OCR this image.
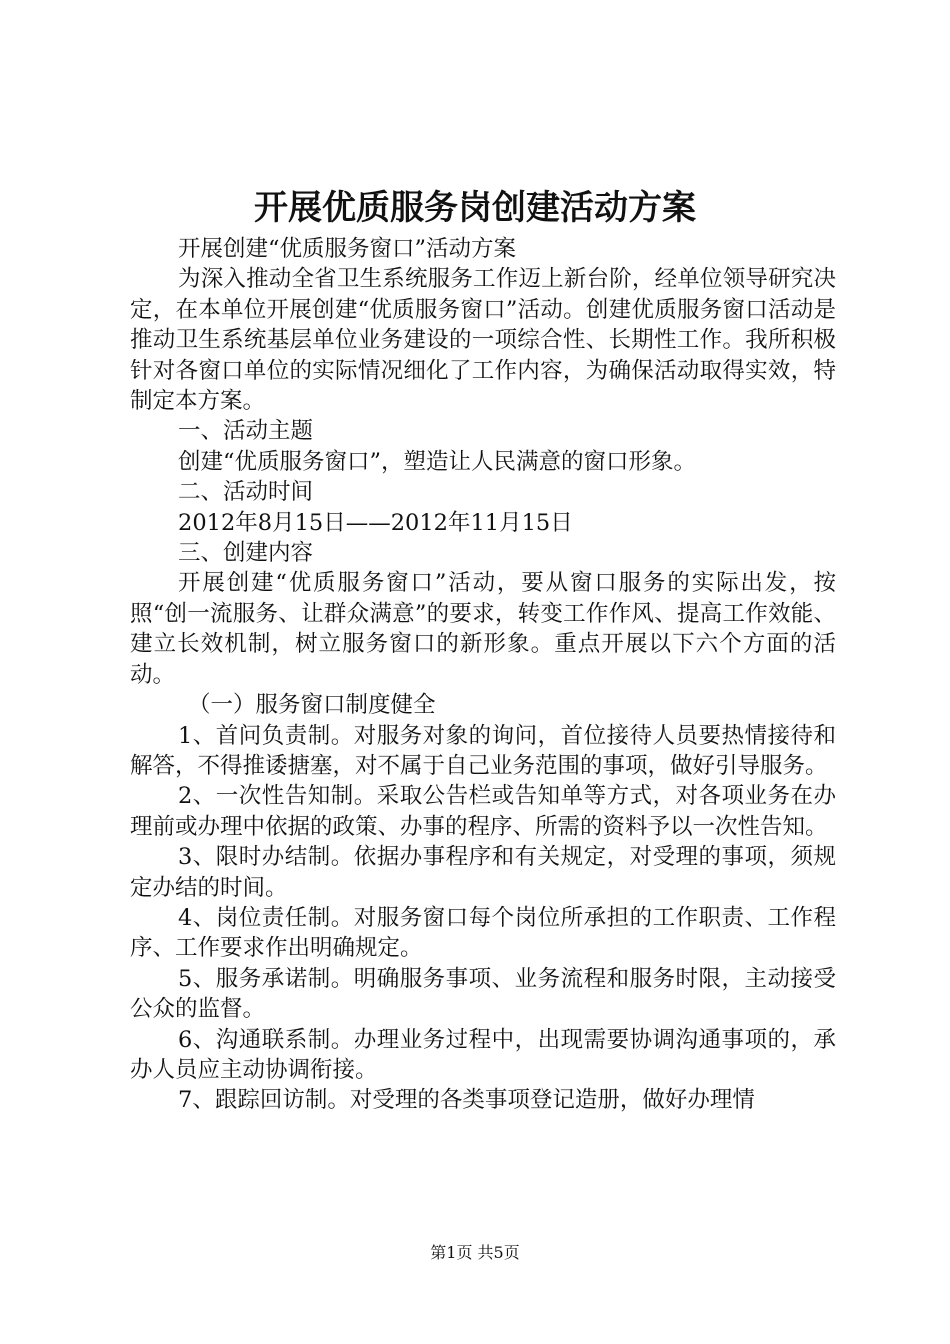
开展优质服务岗创建活动方案

开展创建“优质服务窗口”活动方案

为深入推动全省卫生系统服务工作迈上新台阶，经单位领导研究决定，在本单位开展创建“优质服务窗口”活动。创建优质服务窗口活动是推动卫生系统基层单位业务建设的一项综合性、长期性工作。我所积极针对各窗口单位的实际情况细化了工作内容，为确保活动取得实效，特制定本方案。

一、活动主题

创建“优质服务窗口”，塑造让人民满意的窗口形象。

二、活动时间

2012年8月15日——2012年11月15日

三、创建内容

开展创建“优质服务窗口”活动，要从窗口服务的实际出发，按照“创一流服务、让群众满意”的要求，转变工作作风、提高工作效能、建立长效机制，树立服务窗口的新形象。重点开展以下六个方面的活动。

（一）服务窗口制度健全

1、首问负责制。对服务对象的询问，首位接待人员要热情接待和解答，不得推诿搪塞，对不属于自己业务范围的事项，做好引导服务。

2、一次性告知制。采取公告栏或告知单等方式，对各项业务在办理前或办理中依据的政策、办事的程序、所需的资料予以一次性告知。

3、限时办结制。依据办事程序和有关规定，对受理的事项，须规定办结的时间。

4、岗位责任制。对服务窗口每个岗位所承担的工作职责、工作程序、工作要求作出明确规定。

5、服务承诺制。明确服务事项、业务流程和服务时限，主动接受公众的监督。

6、沟通联系制。办理业务过程中，出现需要协调沟通事项的，承办人员应主动协调衔接。

7、跟踪回访制。对受理的各类事项登记造册，做好办理情

第1页 共5页
